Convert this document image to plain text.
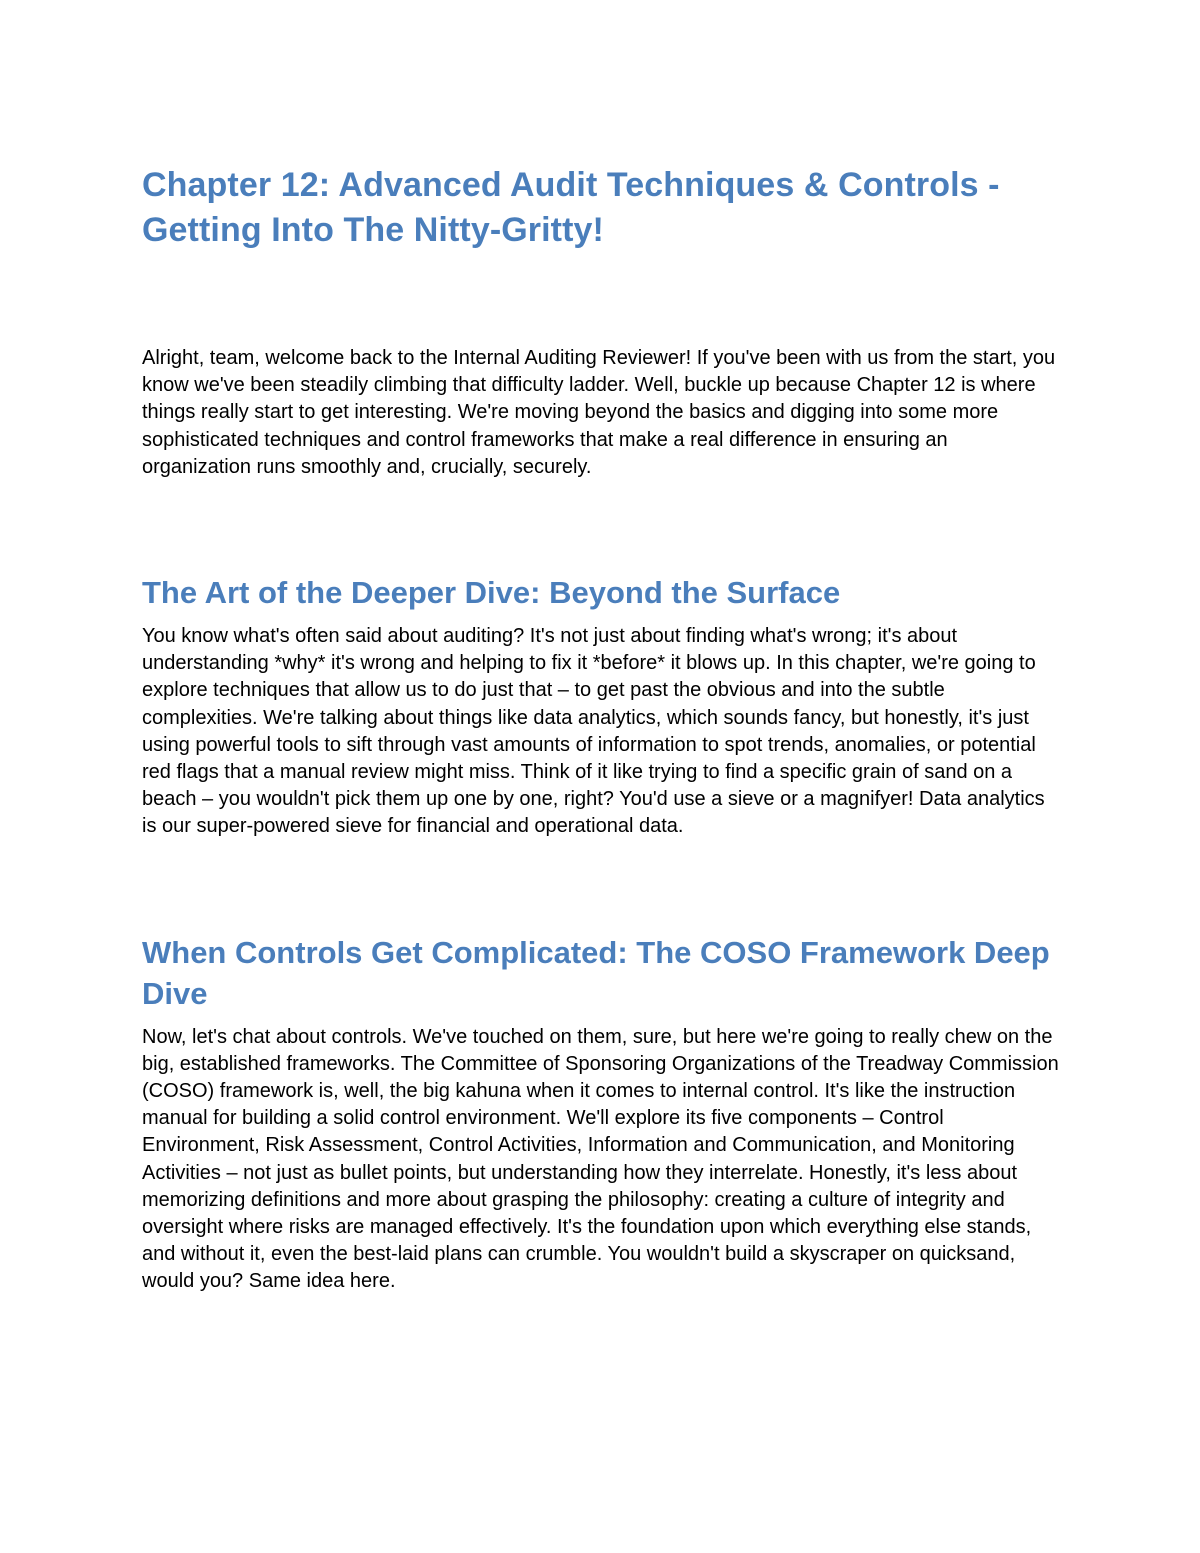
Chapter 12: Advanced Audit Techniques & Controls - Getting Into The Nitty-Gritty!

Alright, team, welcome back to the Internal Auditing Reviewer! If you've been with us from the start, you know we've been steadily climbing that difficulty ladder. Well, buckle up because Chapter 12 is where things really start to get interesting. We're moving beyond the basics and digging into some more sophisticated techniques and control frameworks that make a real difference in ensuring an organization runs smoothly and, crucially, securely.

The Art of the Deeper Dive: Beyond the Surface

You know what's often said about auditing? It's not just about finding what's wrong; it's about understanding *why* it's wrong and helping to fix it *before* it blows up. In this chapter, we're going to explore techniques that allow us to do just that – to get past the obvious and into the subtle complexities. We're talking about things like data analytics, which sounds fancy, but honestly, it's just using powerful tools to sift through vast amounts of information to spot trends, anomalies, or potential red flags that a manual review might miss. Think of it like trying to find a specific grain of sand on a beach – you wouldn't pick them up one by one, right? You'd use a sieve or a magnifyer! Data analytics is our super-powered sieve for financial and operational data.

When Controls Get Complicated: The COSO Framework Deep Dive

Now, let's chat about controls. We've touched on them, sure, but here we're going to really chew on the big, established frameworks. The Committee of Sponsoring Organizations of the Treadway Commission (COSO) framework is, well, the big kahuna when it comes to internal control. It's like the instruction manual for building a solid control environment. We'll explore its five components – Control Environment, Risk Assessment, Control Activities, Information and Communication, and Monitoring Activities – not just as bullet points, but understanding how they interrelate. Honestly, it's less about memorizing definitions and more about grasping the philosophy: creating a culture of integrity and oversight where risks are managed effectively. It's the foundation upon which everything else stands, and without it, even the best-laid plans can crumble. You wouldn't build a skyscraper on quicksand, would you? Same idea here.
